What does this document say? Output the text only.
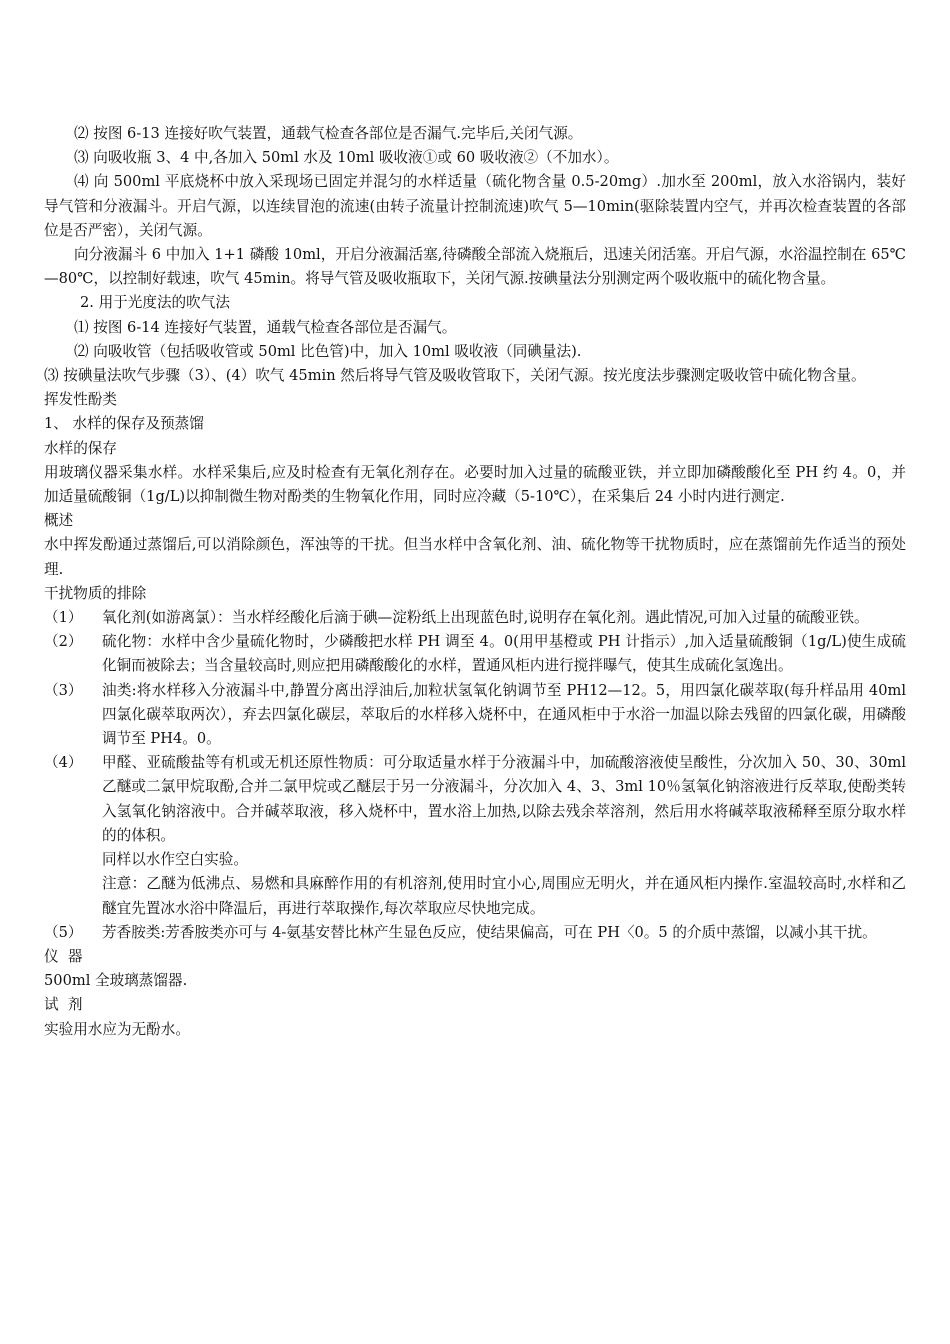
⑵ 按图 6-13 连接好吹气装置，通载气检查各部位是否漏气.完毕后,关闭气源。

⑶ 向吸收瓶 3、4 中,各加入 50ml 水及 10ml 吸收液①或 60 吸收液②（不加水）。

⑷ 向 500ml 平底烧杯中放入采现场已固定并混匀的水样适量（硫化物含量 0.5-20mg）.加水至 200ml，放入水浴锅内，装好导气管和分液漏斗。开启气源，以连续冒泡的流速(由转子流量计控制流速)吹气 5—10min(驱除装置内空气，并再次检查装置的各部位是否严密），关闭气源。

向分液漏斗 6 中加入 1+1 磷酸 10ml，开启分液漏活塞,待磷酸全部流入烧瓶后，迅速关闭活塞。开启气源，水浴温控制在 65℃—80℃，以控制好载速，吹气 45min。将导气管及吸收瓶取下，关闭气源.按碘量法分别测定两个吸收瓶中的硫化物含量。

2. 用于光度法的吹气法

⑴ 按图 6-14 连接好气装置，通载气检查各部位是否漏气。

⑵ 向吸收管（包括吸收管或 50ml 比色管)中，加入 10ml 吸收液（同碘量法).

⑶ 按碘量法吹气步骤（3）、(4）吹气 45min 然后将导气管及吸收管取下，关闭气源。按光度法步骤测定吸收管中硫化物含量。

挥发性酚类

1、 水样的保存及预蒸馏

水样的保存

用玻璃仪器采集水样。水样采集后,应及时检查有无氧化剂存在。必要时加入过量的硫酸亚铁，并立即加磷酸酸化至 PH 约 4。0，并加适量硫酸铜（1g/L)以抑制微生物对酚类的生物氧化作用，同时应冷藏（5-10℃），在采集后 24 小时内进行测定.

概述

水中挥发酚通过蒸馏后,可以消除颜色，浑浊等的干扰。但当水样中含氧化剂、油、硫化物等干扰物质时，应在蒸馏前先作适当的预处理.

干扰物质的排除

（1）	氧化剂(如游离氯）：当水样经酸化后滴于碘—淀粉纸上出现蓝色时,说明存在氧化剂。遇此情况,可加入过量的硫酸亚铁。
（2）	硫化物：水样中含少量硫化物时，少磷酸把水样 PH 调至 4。0(用甲基橙或 PH 计指示）,加入适量硫酸铜（1g/L)使生成硫化铜而被除去；当含量较高时,则应把用磷酸酸化的水样，置通风柜内进行搅拌曝气，使其生成硫化氢逸出。
（3）	油类:将水样移入分液漏斗中,静置分离出浮油后,加粒状氢氧化钠调节至 PH12—12。5，用四氯化碳萃取(每升样品用 40ml 四氯化碳萃取两次），弃去四氯化碳层，萃取后的水样移入烧杯中，在通风柜中于水浴一加温以除去残留的四氯化碳，用磷酸调节至 PH4。0。
（4）	甲醛、亚硫酸盐等有机或无机还原性物质：可分取适量水样于分液漏斗中，加硫酸溶液使呈酸性，分次加入 50、30、30ml 乙醚或二氯甲烷取酚,合并二氯甲烷或乙醚层于另一分液漏斗，分次加入 4、3、3ml 10％氢氧化钠溶液进行反萃取,使酚类转入氢氧化钠溶液中。合并碱萃取液，移入烧杯中，置水浴上加热,以除去残余萃溶剂，然后用水将碱萃取液稀释至原分取水样的的体积。
同样以水作空白实验。
注意：乙醚为低沸点、易燃和具麻醉作用的有机溶剂,使用时宜小心,周围应无明火，并在通风柜内操作.室温较高时,水样和乙醚宜先置冰水浴中降温后，再进行萃取操作,每次萃取应尽快地完成。
（5）	芳香胺类:芳香胺类亦可与 4-氨基安替比林产生显色反应，使结果偏高，可在 PH〈0。5 的介质中蒸馏，以减小其干扰。

仪  器

500ml 全玻璃蒸馏器.

试  剂

实验用水应为无酚水。
